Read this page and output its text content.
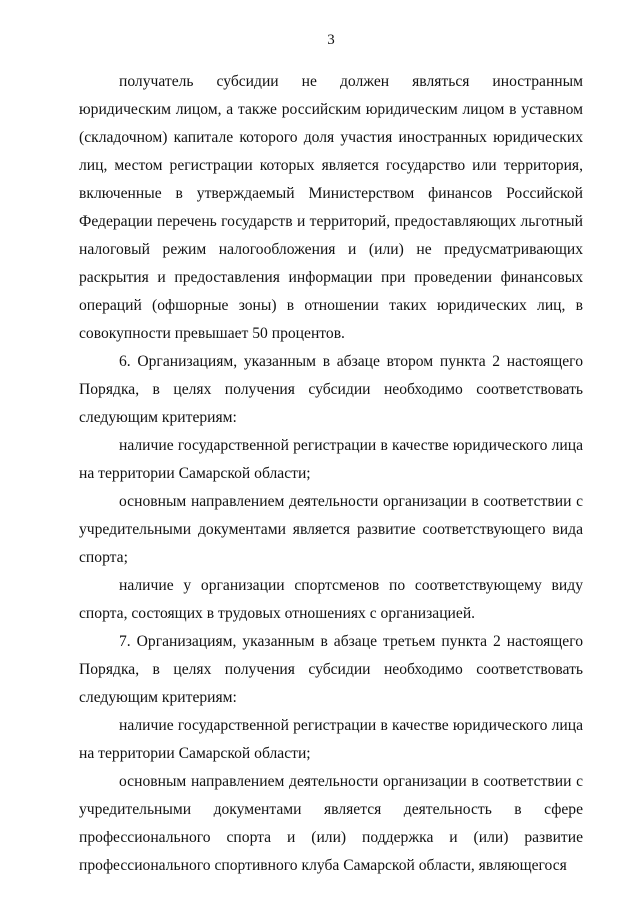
3

получатель субсидии не должен являться иностранным юридическим лицом, а также российским юридическим лицом в уставном (складочном) капитале которого доля участия иностранных юридических лиц, местом регистрации которых является государство или территория, включенные в утверждаемый Министерством финансов Российской Федерации перечень государств и территорий, предоставляющих льготный налоговый режим налогообложения и (или) не предусматривающих раскрытия и предоставления информации при проведении финансовых операций (офшорные зоны) в отношении таких юридических лиц, в совокупности превышает 50 процентов.

6. Организациям, указанным в абзаце втором пункта 2 настоящего Порядка, в целях получения субсидии необходимо соответствовать следующим критериям:

наличие государственной регистрации в качестве юридического лица на территории Самарской области;

основным направлением деятельности организации в соответствии с учредительными документами является развитие соответствующего вида спорта;

наличие у организации спортсменов по соответствующему виду спорта, состоящих в трудовых отношениях с организацией.

7. Организациям, указанным в абзаце третьем пункта 2 настоящего Порядка, в целях получения субсидии необходимо соответствовать следующим критериям:

наличие государственной регистрации в качестве юридического лица на территории Самарской области;

основным направлением деятельности организации в соответствии с учредительными документами является деятельность в сфере профессионального спорта и (или) поддержка и (или) развитие профессионального спортивного клуба Самарской области, являющегося
